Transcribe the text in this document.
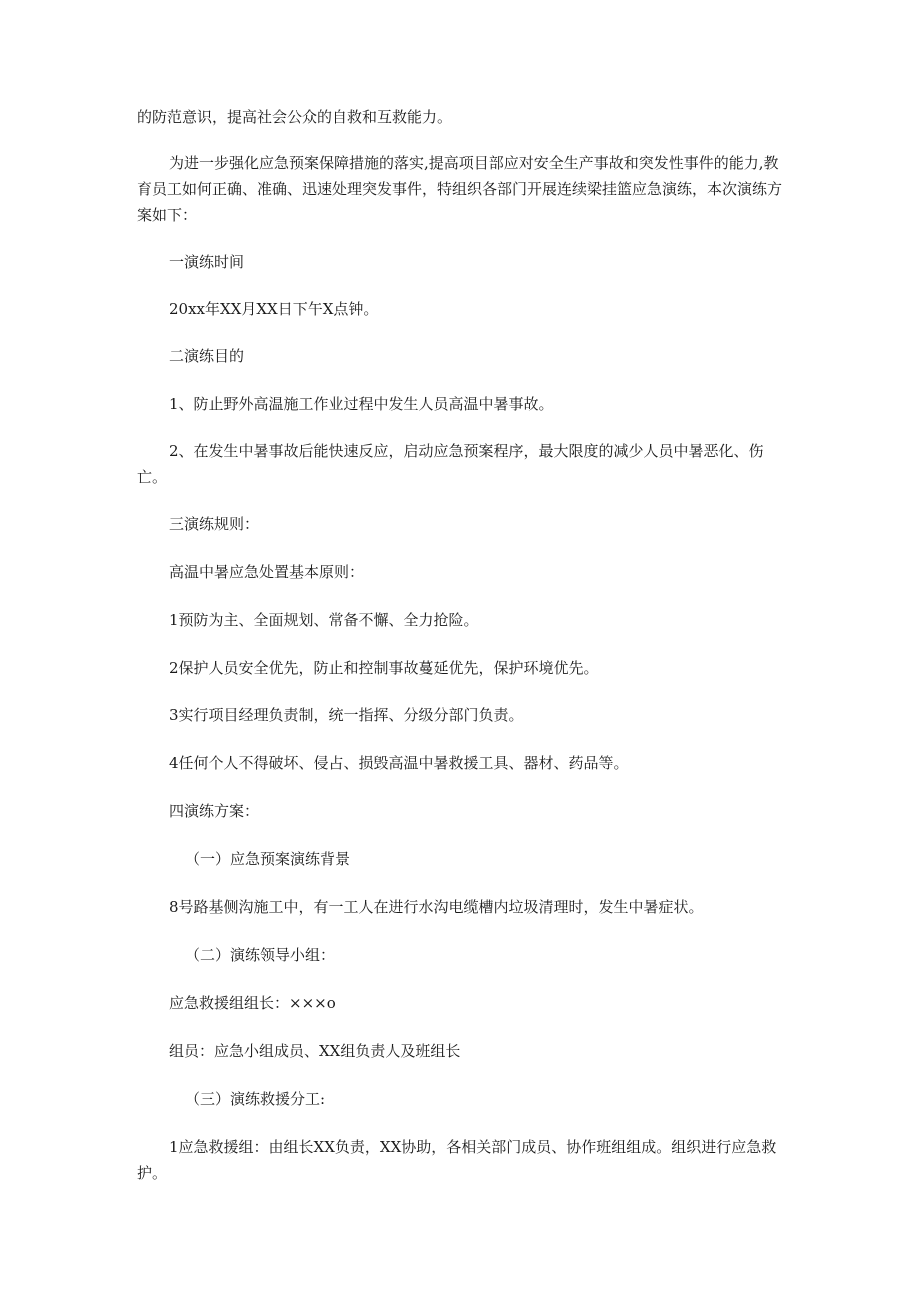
的防范意识，提高社会公众的自救和互救能力。

为进一步强化应急预案保障措施的落实,提高项目部应对安全生产事故和突发性事件的能力,教育员工如何正确、准确、迅速处理突发事件，特组织各部门开展连续梁挂篮应急演练，本次演练方案如下：

一演练时间

20xx年XX月XX日下午X点钟。

二演练目的

1、防止野外高温施工作业过程中发生人员高温中暑事故。

2、在发生中暑事故后能快速反应，启动应急预案程序，最大限度的减少人员中暑恶化、伤亡。

三演练规则：

高温中暑应急处置基本原则：

1预防为主、全面规划、常备不懈、全力抢险。

2保护人员安全优先，防止和控制事故蔓延优先，保护环境优先。

3实行项目经理负责制，统一指挥、分级分部门负责。

4任何个人不得破坏、侵占、损毁高温中暑救援工具、器材、药品等。

四演练方案：

（一）应急预案演练背景

8号路基侧沟施工中，有一工人在进行水沟电缆槽内垃圾清理时，发生中暑症状。

（二）演练领导小组：

应急救援组组长：×××o

组员：应急小组成员、XX组负责人及班组长

（三）演练救援分工:

1应急救援组：由组长XX负责，XX协助，各相关部门成员、协作班组组成。组织进行应急救护。
